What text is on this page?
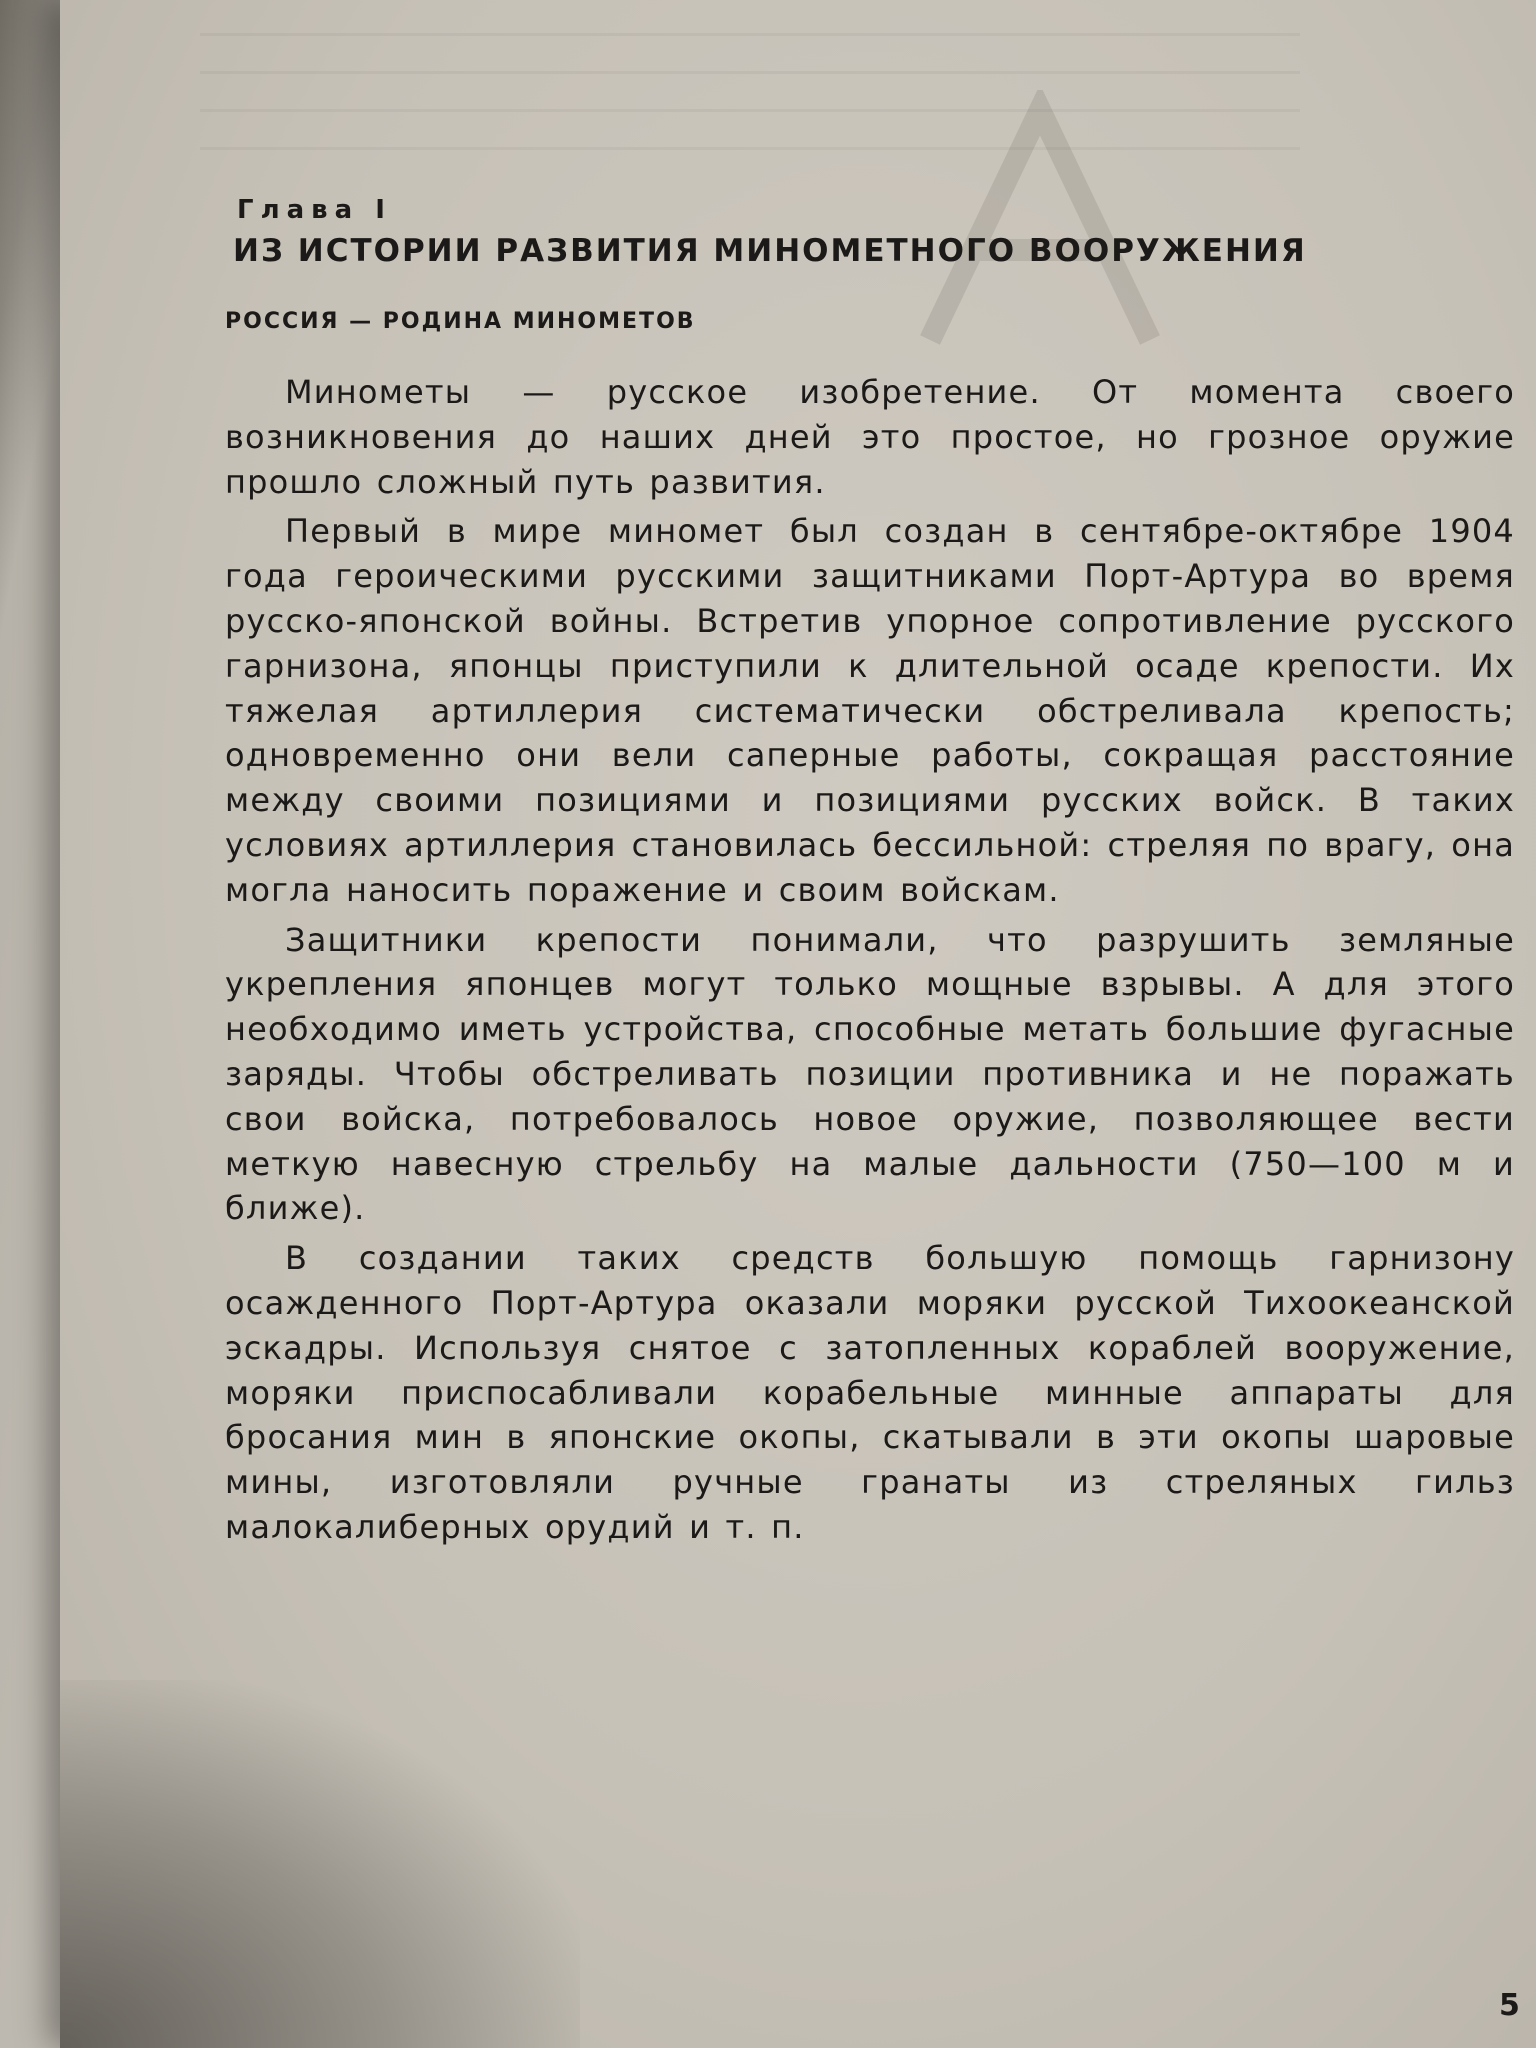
Глава I
ИЗ ИСТОРИИ РАЗВИТИЯ МИНОМЕТНОГО ВООРУЖЕНИЯ
РОССИЯ — РОДИНА МИНОМЕТОВ

Минометы — русское изобретение. От момента своего возникновения до наших дней это простое, но грозное оружие прошло сложный путь развития.

Первый в мире миномет был создан в сентябре-октябре 1904 года героическими русскими защитниками Порт-Артура во время русско-японской войны. Встретив упорное сопротивление русского гарнизона, японцы приступили к длительной осаде крепости. Их тяжелая артиллерия систематически обстреливала крепость; одновременно они вели саперные работы, сокращая расстояние между своими позициями и позициями русских войск. В таких условиях артиллерия становилась бессильной: стреляя по врагу, она могла наносить поражение и своим войскам.

Защитники крепости понимали, что разрушить земляные укрепления японцев могут только мощные взрывы. А для этого необходимо иметь устройства, способные метать большие фугасные заряды. Чтобы обстреливать позиции противника и не поражать свои войска, потребовалось новое оружие, позволяющее вести меткую навесную стрельбу на малые дальности (750—100 м и ближе).

В создании таких средств большую помощь гарнизону осажденного Порт-Артура оказали моряки русской Тихоокеанской эскадры. Используя снятое с затопленных кораблей вооружение, моряки приспосабливали корабельные минные аппараты для бросания мин в японские окопы, скатывали в эти окопы шаровые мины, изготовляли ручные гранаты из стреляных гильз малокалиберных орудий и т. п.

5
